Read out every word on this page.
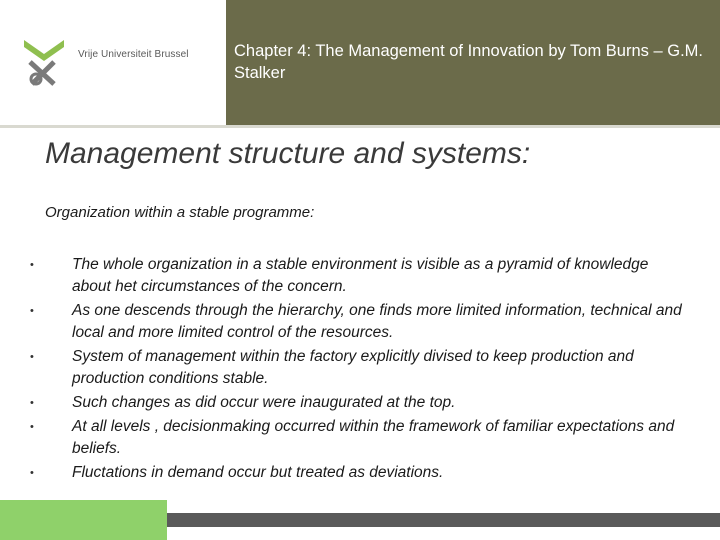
Vrije Universiteit Brussel	Chapter 4: The Management of Innovation by Tom Burns – G.M. Stalker
Management structure and systems:
Organization within a stable programme:
• The whole organization in a stable environment is visible as a pyramid of knowledge about het circumstances of the concern.
• As one descends through the hierarchy, one finds more limited information, technical and local and more limited control of the resources.
• System of management within the factory explicitly divised to keep production and production conditions stable.
• Such changes as did occur were inaugurated at the top.
• At all levels , decisionmaking occurred within the framework of familiar expectations and beliefs.
• Fluctations in demand occur but treated as deviations.
